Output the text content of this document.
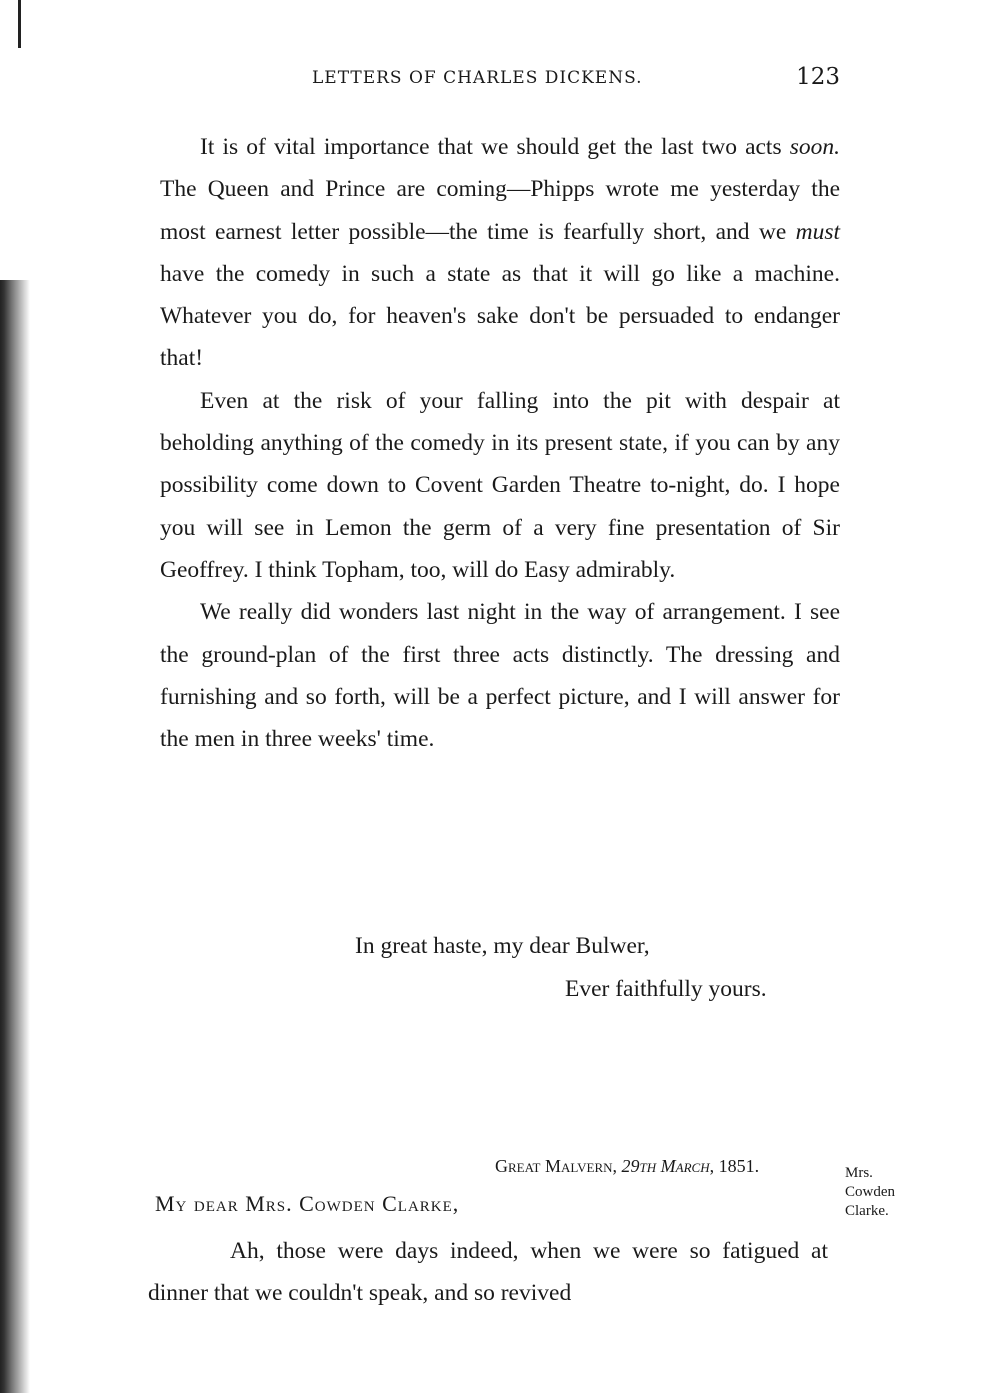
LETTERS OF CHARLES DICKENS.	123

It is of vital importance that we should get the last two acts soon. The Queen and Prince are coming—Phipps wrote me yesterday the most earnest letter possible—the time is fearfully short, and we must have the comedy in such a state as that it will go like a machine. Whatever you do, for heaven's sake don't be persuaded to endanger that!

Even at the risk of your falling into the pit with despair at beholding anything of the comedy in its present state, if you can by any possibility come down to Covent Garden Theatre to-night, do. I hope you will see in Lemon the germ of a very fine presentation of Sir Geoffrey. I think Topham, too, will do Easy admirably.

We really did wonders last night in the way of arrangement. I see the ground-plan of the first three acts distinctly. The dressing and furnishing and so forth, will be a perfect picture, and I will answer for the men in three weeks' time.

In great haste, my dear Bulwer,
Ever faithfully yours.
Great Malvern, 29th March, 1851.	Mrs.
Cowden
Clarke.
My dear Mrs. Cowden Clarke,

Ah, those were days indeed, when we were so fatigued at dinner that we couldn't speak, and so revived
